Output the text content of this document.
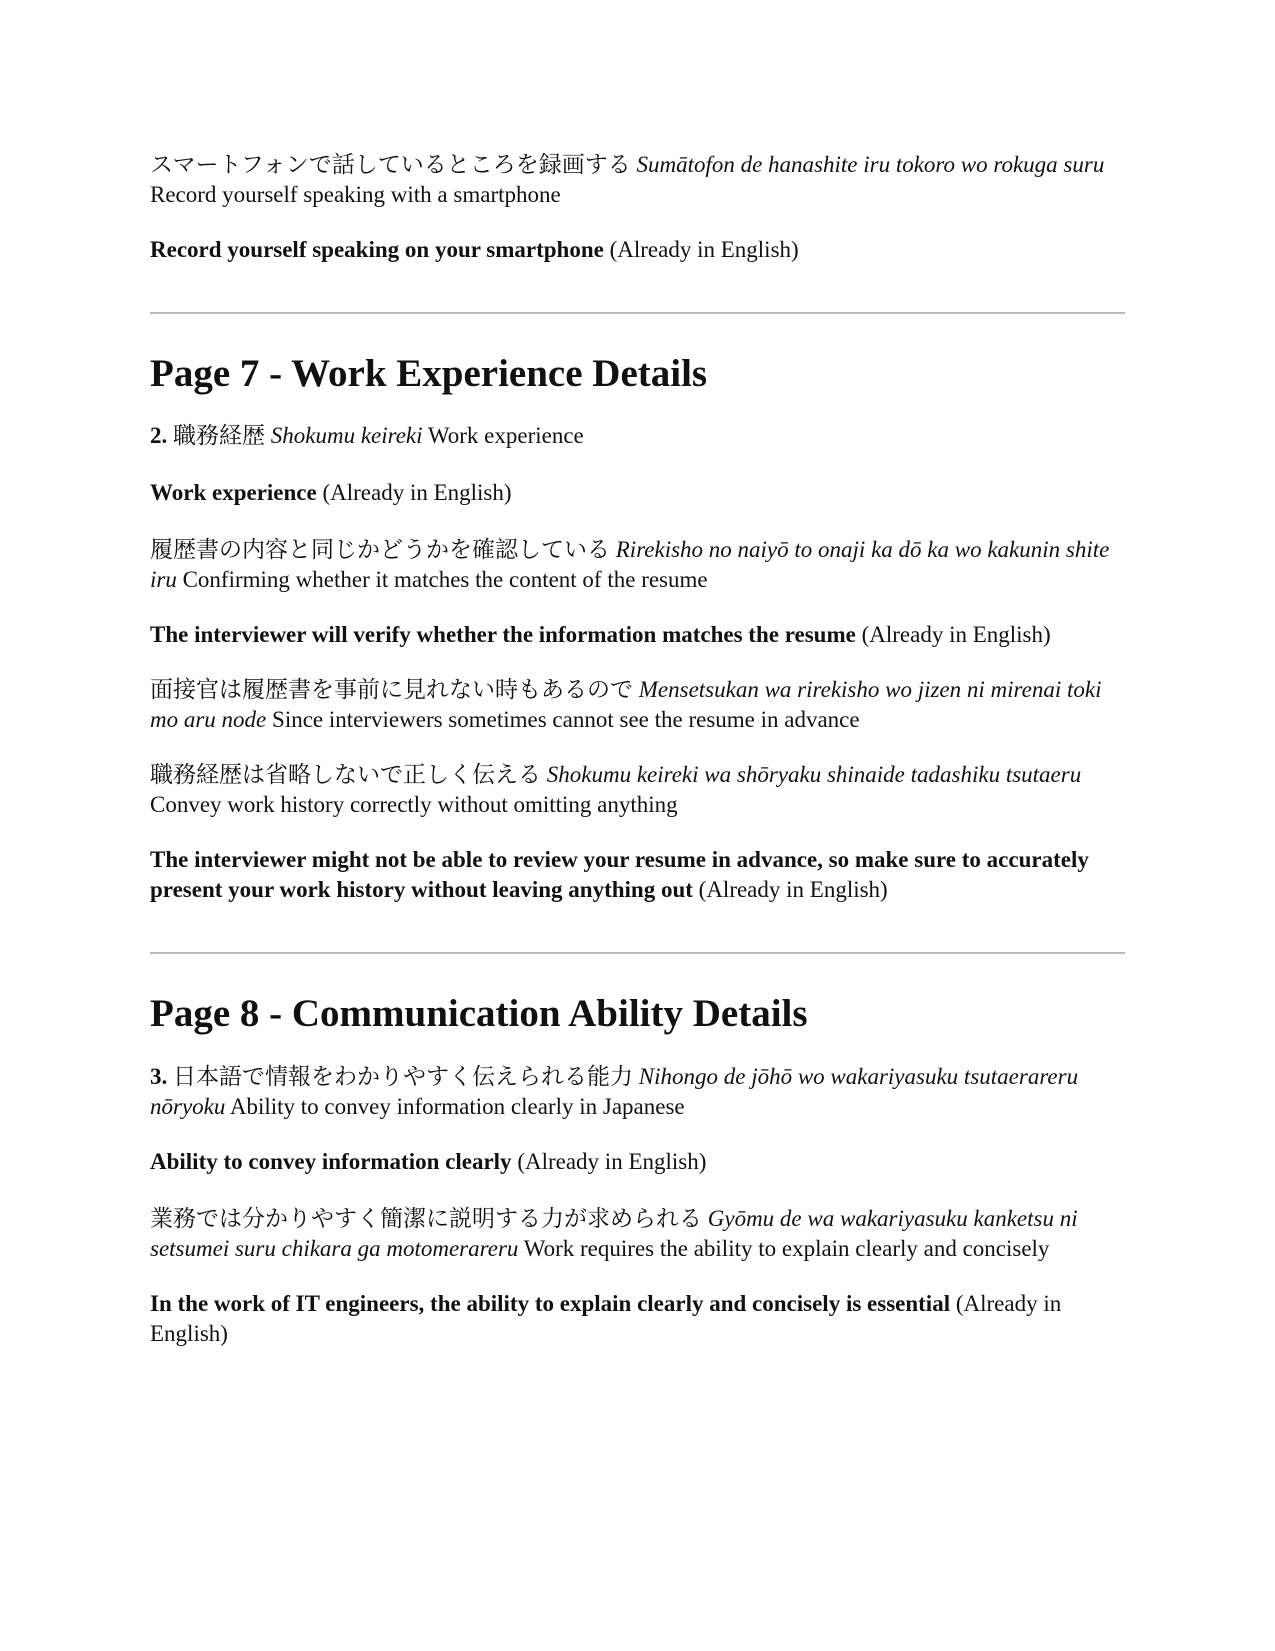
スマートフォンで話しているところを録画する Sumātofon de hanashite iru tokoro wo rokuga suru Record yourself speaking with a smartphone

Record yourself speaking on your smartphone (Already in English)

Page 7 - Work Experience Details

2. 職務経歴 Shokumu keireki Work experience

Work experience (Already in English)

履歴書の内容と同じかどうかを確認している Rirekisho no naiyō to onaji ka dō ka wo kakunin shite iru Confirming whether it matches the content of the resume

The interviewer will verify whether the information matches the resume (Already in English)

面接官は履歴書を事前に見れない時もあるので Mensetsukan wa rirekisho wo jizen ni mirenai toki mo aru node Since interviewers sometimes cannot see the resume in advance

職務経歴は省略しないで正しく伝える Shokumu keireki wa shōryaku shinaide tadashiku tsutaeru Convey work history correctly without omitting anything

The interviewer might not be able to review your resume in advance, so make sure to accurately present your work history without leaving anything out (Already in English)

Page 8 - Communication Ability Details

3. 日本語で情報をわかりやすく伝えられる能力 Nihongo de jōhō wo wakariyasuku tsutaerareru nōryoku Ability to convey information clearly in Japanese

Ability to convey information clearly (Already in English)

業務では分かりやすく簡潔に説明する力が求められる Gyōmu de wa wakariyasuku kanketsu ni setsumei suru chikara ga motomerareru Work requires the ability to explain clearly and concisely

In the work of IT engineers, the ability to explain clearly and concisely is essential (Already in English)
